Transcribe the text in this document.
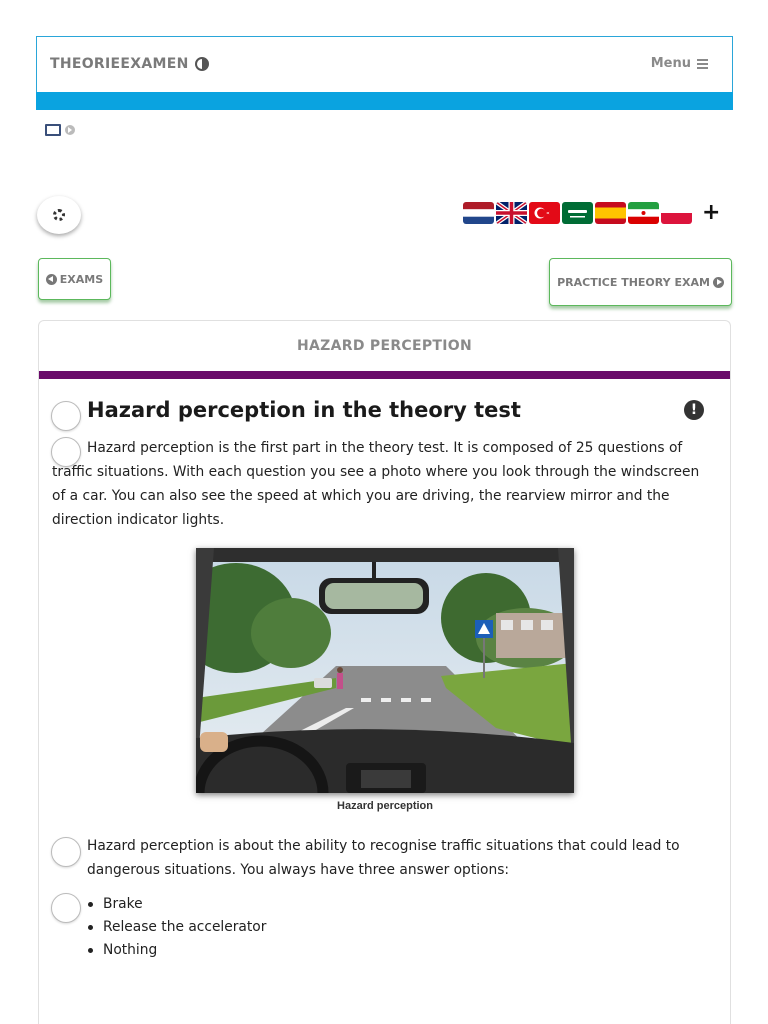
THEORIEEXAMEN	Menu
+
EXAMS	PRACTICE THEORY EXAM
HAZARD PERCEPTION
Hazard perception in the theory test	!

Hazard perception is the first part in the theory test. It is composed of 25 questions of traffic situations. With each question you see a photo where you look through the windscreen of a car. You can also see the speed at which you are driving, the rearview mirror and the direction indicator lights.

Hazard perception

Hazard perception is about the ability to recognise traffic situations that could lead to dangerous situations. You always have three answer options:

Brake
Release the accelerator
Nothing
